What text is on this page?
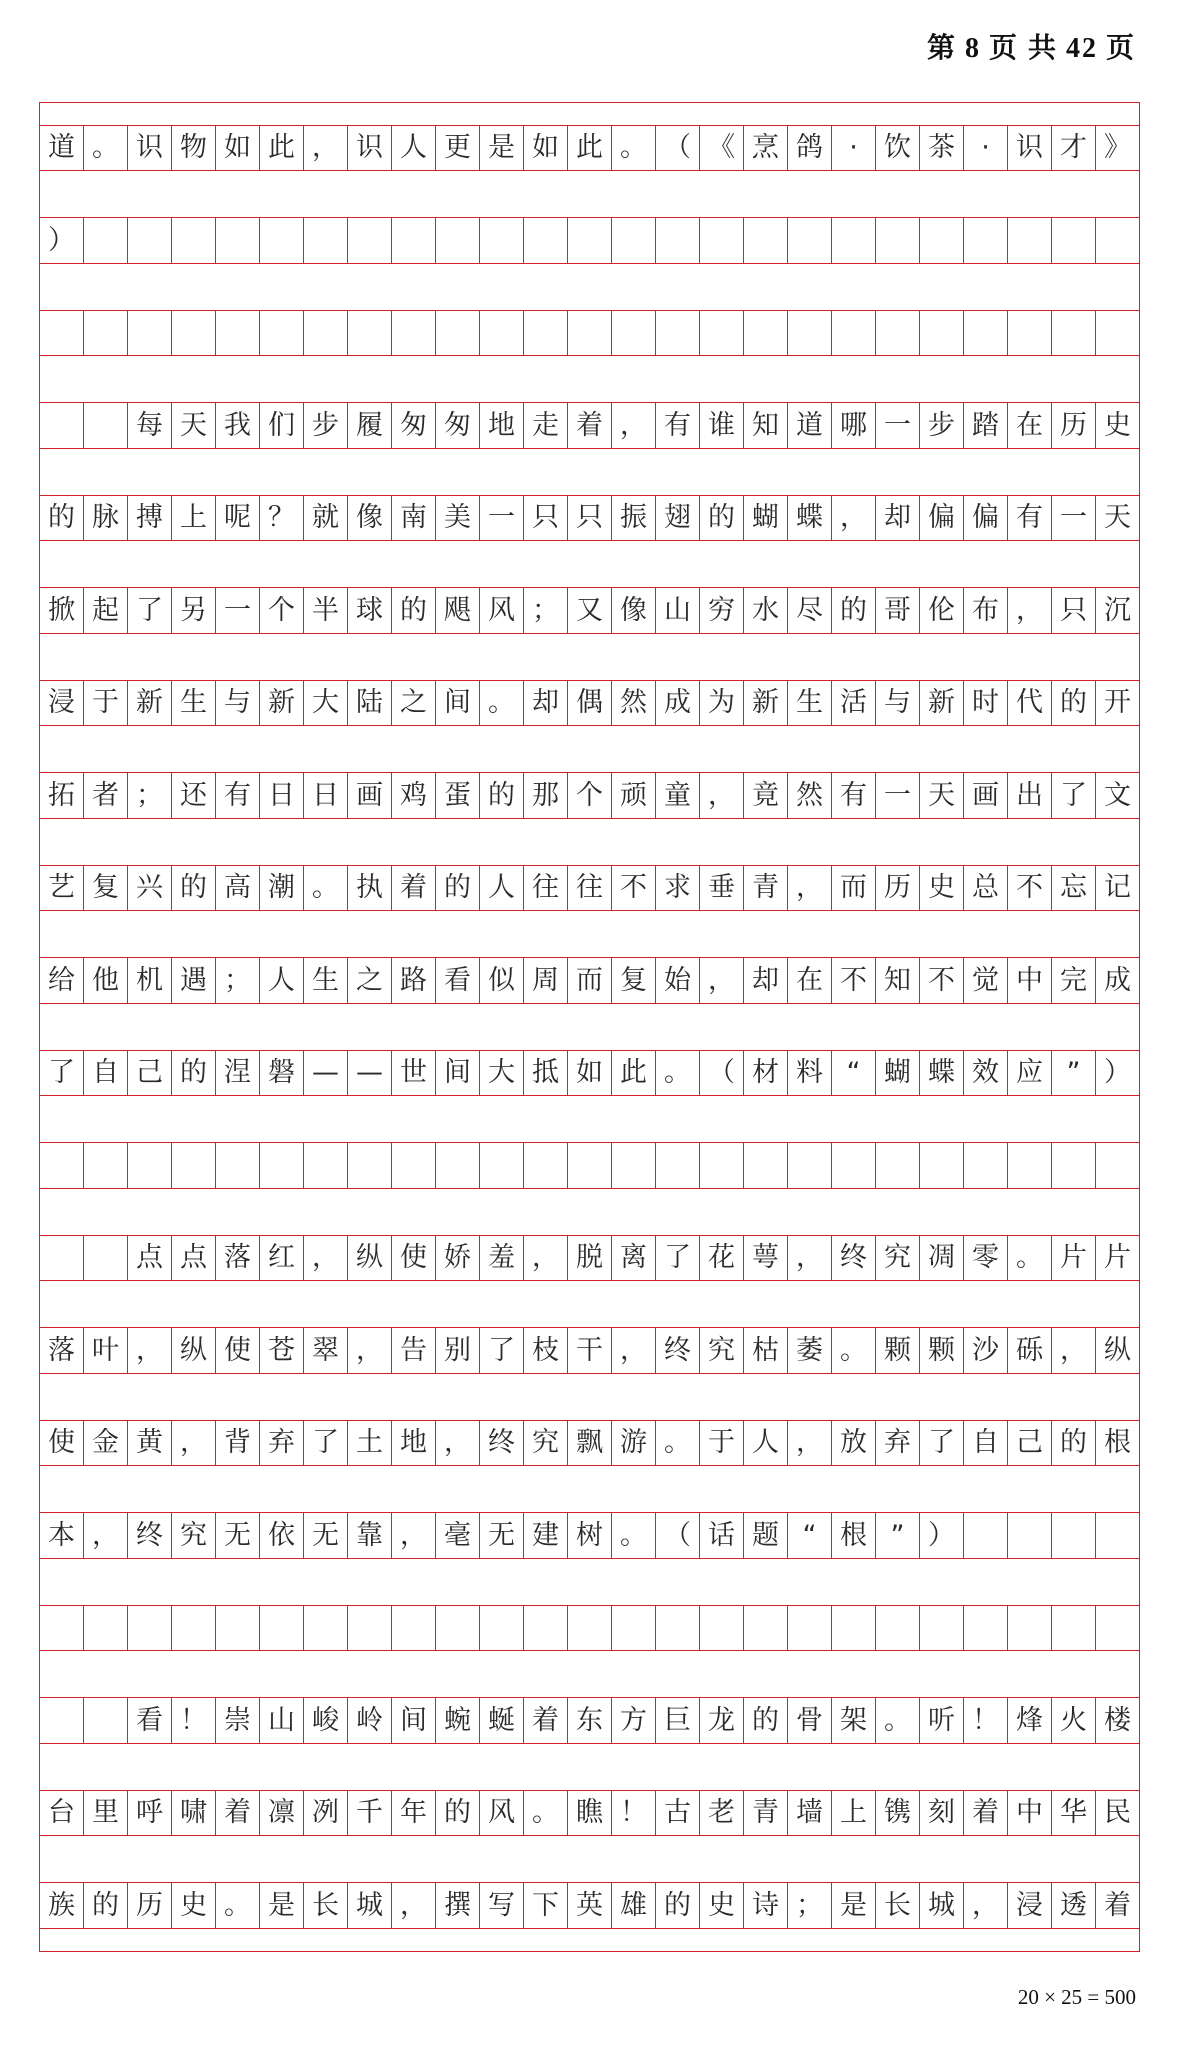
第 8 页 共 42 页
道 。 识 物 如 此 ， 识 人 更 是 如 此 。 （ 《 烹 鸽 · 饮 茶 · 识 才 》
）

每 天 我 们 步 履 匆 匆 地 走 着 ， 有 谁 知 道 哪 一 步 踏 在 历 史
的 脉 搏 上 呢 ？ 就 像 南 美 一 只 只 振 翅 的 蝴 蝶 ， 却 偏 偏 有 一 天
掀 起 了 另 一 个 半 球 的 飓 风 ； 又 像 山 穷 水 尽 的 哥 伦 布 ， 只 沉
浸 于 新 生 与 新 大 陆 之 间 。 却 偶 然 成 为 新 生 活 与 新 时 代 的 开
拓 者 ； 还 有 日 日 画 鸡 蛋 的 那 个 顽 童 ， 竟 然 有 一 天 画 出 了 文
艺 复 兴 的 高 潮 。 执 着 的 人 往 往 不 求 垂 青 ， 而 历 史 总 不 忘 记
给 他 机 遇 ； 人 生 之 路 看 似 周 而 复 始 ， 却 在 不 知 不 觉 中 完 成
了 自 己 的 涅 磐 — — 世 间 大 抵 如 此 。 （ 材 料 “ 蝴 蝶 效 应 ” ）

点 点 落 红 ， 纵 使 娇 羞 ， 脱 离 了 花 萼 ， 终 究 凋 零 。 片 片
落 叶 ， 纵 使 苍 翠 ， 告 别 了 枝 干 ， 终 究 枯 萎 。 颗 颗 沙 砾 ， 纵
使 金 黄 ， 背 弃 了 土 地 ， 终 究 飘 游 。 于 人 ， 放 弃 了 自 己 的 根
本 ， 终 究 无 依 无 靠 ， 毫 无 建 树 。 （ 话 题 “ 根 ” ）

看 ！ 崇 山 峻 岭 间 蜿 蜒 着 东 方 巨 龙 的 骨 架 。 听 ！ 烽 火 楼
台 里 呼 啸 着 凛 冽 千 年 的 风 。 瞧 ！ 古 老 青 墙 上 镌 刻 着 中 华 民
族 的 历 史 。 是 长 城 ， 撰 写 下 英 雄 的 史 诗 ； 是 长 城 ， 浸 透 着
20 × 25 = 500
